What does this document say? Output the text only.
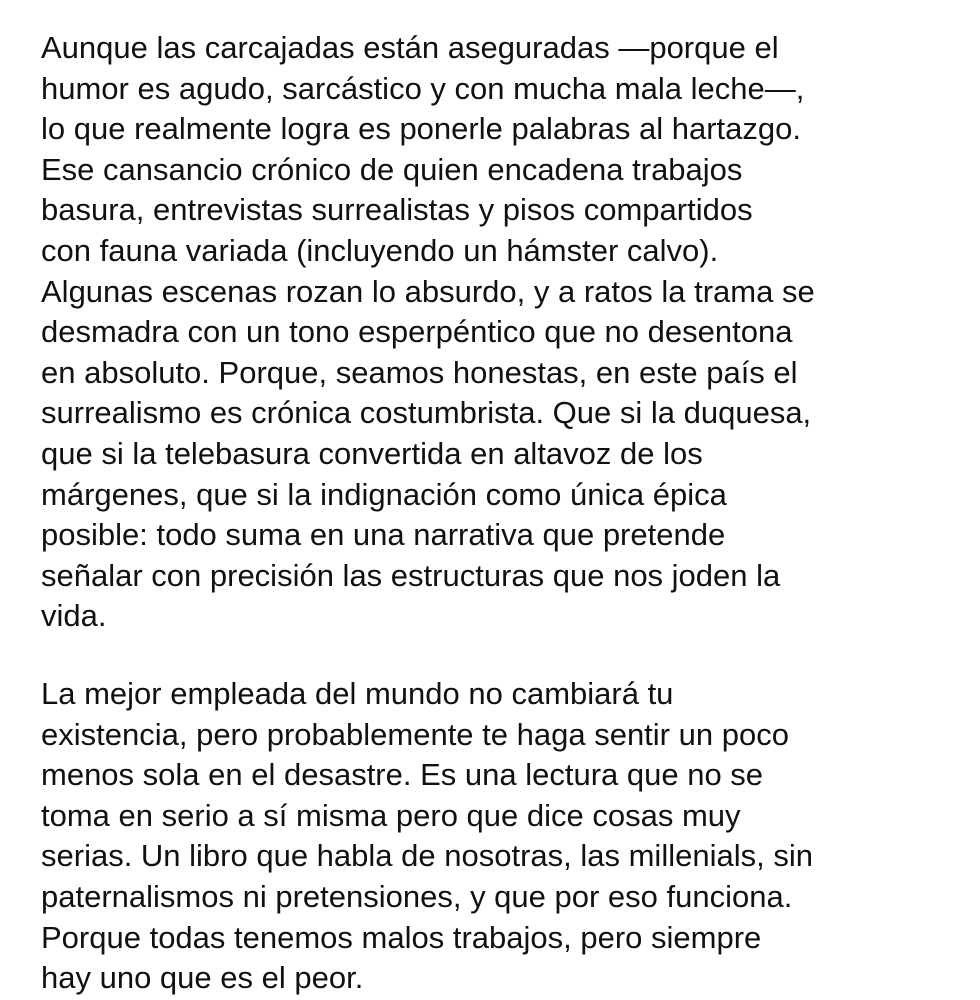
Aunque las carcajadas están aseguradas —porque el
humor es agudo, sarcástico y con mucha mala leche—,
lo que realmente logra es ponerle palabras al hartazgo.
Ese cansancio crónico de quien encadena trabajos
basura, entrevistas surrealistas y pisos compartidos
con fauna variada (incluyendo un hámster calvo).
Algunas escenas rozan lo absurdo, y a ratos la trama se
desmadra con un tono esperpéntico que no desentona
en absoluto. Porque, seamos honestas, en este país el
surrealismo es crónica costumbrista. Que si la duquesa,
que si la telebasura convertida en altavoz de los
márgenes, que si la indignación como única épica
posible: todo suma en una narrativa que pretende
señalar con precisión las estructuras que nos joden la
vida.

La mejor empleada del mundo no cambiará tu
existencia, pero probablemente te haga sentir un poco
menos sola en el desastre. Es una lectura que no se
toma en serio a sí misma pero que dice cosas muy
serias. Un libro que habla de nosotras, las millenials, sin
paternalismos ni pretensiones, y que por eso funciona.
Porque todas tenemos malos trabajos, pero siempre
hay uno que es el peor.
